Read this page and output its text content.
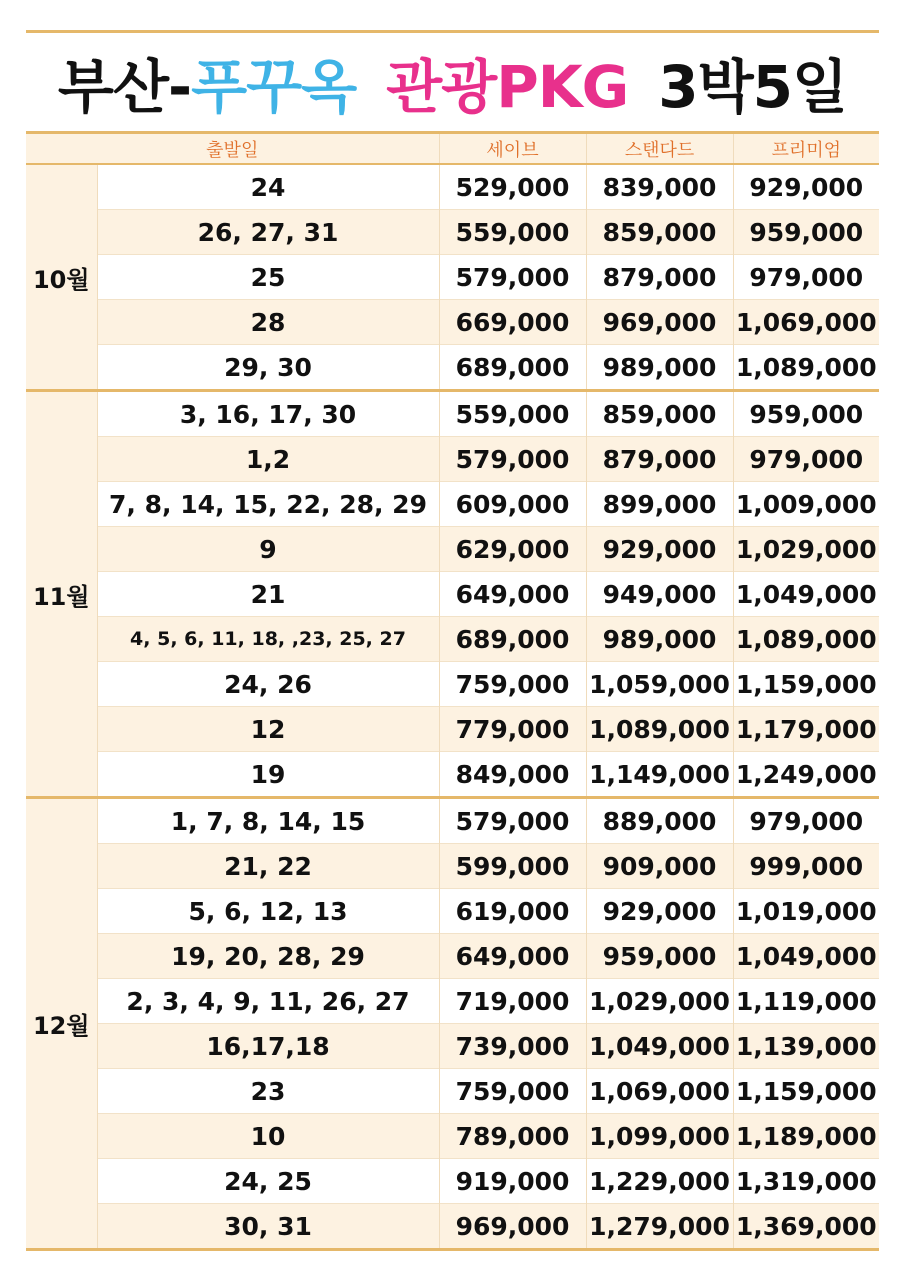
부산- 푸꾸옥 관광PKG 3박5일
출발일		세이브	스탠다드	프리미엄
10월	24	529,000	839,000	929,000
	26, 27, 31	559,000	859,000	959,000
	25	579,000	879,000	979,000
	28	669,000	969,000	1,069,000
	29, 30	689,000	989,000	1,089,000
11월	3, 16, 17, 30	559,000	859,000	959,000
	1,2	579,000	879,000	979,000
	7, 8, 14, 15, 22, 28, 29	609,000	899,000	1,009,000
	9	629,000	929,000	1,029,000
	21	649,000	949,000	1,049,000
	4, 5, 6, 11, 18, ,23, 25, 27	689,000	989,000	1,089,000
	24, 26	759,000	1,059,000	1,159,000
	12	779,000	1,089,000	1,179,000
	19	849,000	1,149,000	1,249,000
12월	1, 7, 8, 14, 15	579,000	889,000	979,000
	21, 22	599,000	909,000	999,000
	5, 6, 12, 13	619,000	929,000	1,019,000
	19, 20, 28, 29	649,000	959,000	1,049,000
	2, 3, 4, 9, 11, 26, 27	719,000	1,029,000	1,119,000
	16,17,18	739,000	1,049,000	1,139,000
	23	759,000	1,069,000	1,159,000
	10	789,000	1,099,000	1,189,000
	24, 25	919,000	1,229,000	1,319,000
	30, 31	969,000	1,279,000	1,369,000
